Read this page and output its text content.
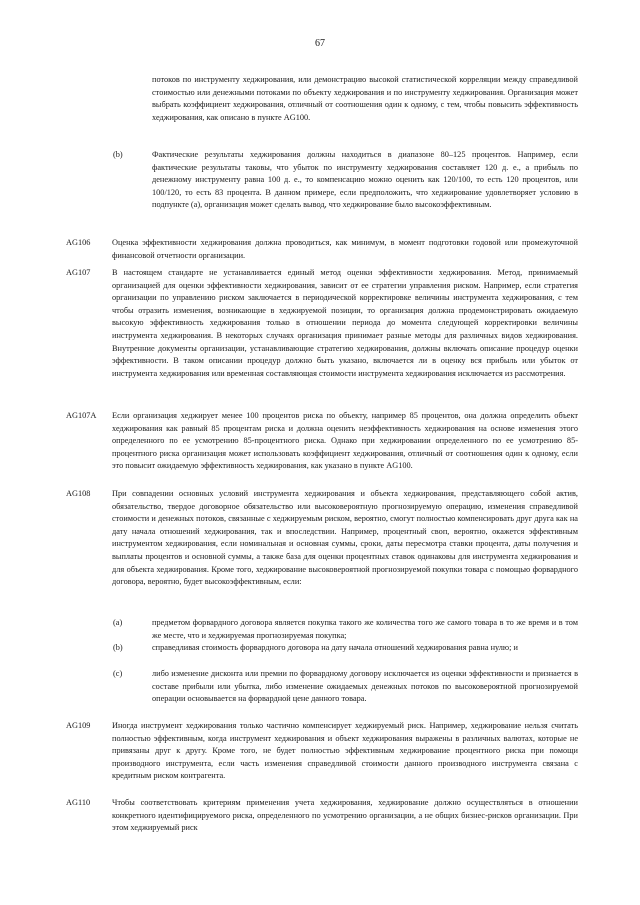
67
потоков по инструменту хеджирования, или демонстрацию высокой статистической корреляции между справедливой стоимостью или денежными потоками по объекту хеджирования и по инструменту хеджирования. Организация может выбрать коэффициент хеджирования, отличный от соотношения один к одному, с тем, чтобы повысить эффективность хеджирования, как описано в пункте AG100.
(b)	Фактические результаты хеджирования должны находиться в диапазоне 80–125 процентов. Например, если фактические результаты таковы, что убыток по инструменту хеджирования составляет 120 д. е., а прибыль по денежному инструменту равна 100 д. е., то компенсацию можно оценить как 120/100, то есть 120 процентов, или 100/120, то есть 83 процента. В данном примере, если предположить, что хеджирование удовлетворяет условию в подпункте (а), организация может сделать вывод, что хеджирование было высокоэффективным.
AG106	Оценка эффективности хеджирования должна проводиться, как минимум, в момент подготовки годовой или промежуточной финансовой отчетности организации.
AG107	В настоящем стандарте не устанавливается единый метод оценки эффективности хеджирования. Метод, принимаемый организацией для оценки эффективности хеджирования, зависит от ее стратегии управления риском. Например, если стратегия организации по управлению риском заключается в периодической корректировке величины инструмента хеджирования, с тем чтобы отразить изменения, возникающие в хеджируемой позиции, то организация должна продемонстрировать ожидаемую высокую эффективность хеджирования только в отношении периода до момента следующей корректировки величины инструмента хеджирования. В некоторых случаях организация принимает разные методы для различных видов хеджирования. Внутренние документы организации, устанавливающие стратегию хеджирования, должны включать описание процедур оценки эффективности. В таком описании процедур должно быть указано, включается ли в оценку вся прибыль или убыток от инструмента хеджирования или временная составляющая стоимости инструмента хеджирования исключается из рассмотрения.
AG107A Если организация хеджирует менее 100 процентов риска по объекту, например 85 процентов, она должна определить объект хеджирования как равный 85 процентам риска и должна оценить неэффективность хеджирования на основе изменения этого определенного по ее усмотрению 85-процентного риска. Однако при хеджировании определенного по ее усмотрению 85-процентного риска организация может использовать коэффициент хеджирования, отличный от соотношения один к одному, если это повысит ожидаемую эффективность хеджирования, как указано в пункте AG100.
AG108	При совпадении основных условий инструмента хеджирования и объекта хеджирования, представляющего собой актив, обязательство, твердое договорное обязательство или высоковероятную прогнозируемую операцию, изменения справедливой стоимости и денежных потоков, связанные с хеджируемым риском, вероятно, смогут полностью компенсировать друг друга как на дату начала отношений хеджирования, так и впоследствии. Например, процентный своп, вероятно, окажется эффективным инструментом хеджирования, если номинальная и основная суммы, сроки, даты пересмотра ставки процента, даты получения и выплаты процентов и основной суммы, а также база для оценки процентных ставок одинаковы для инструмента хеджирования и для объекта хеджирования. Кроме того, хеджирование высоковероятной прогнозируемой покупки товара с помощью форвардного договора, вероятно, будет высокоэффективным, если:
(a)	предметом форвардного договора является покупка такого же количества того же самого товара в то же время и в том же месте, что и хеджируемая прогнозируемая покупка;
(b)	справедливая стоимость форвардного договора на дату начала отношений хеджирования равна нулю; и
(c)	либо изменение дисконта или премии по форвардному договору исключается из оценки эффективности и признается в составе прибыли или убытка, либо изменение ожидаемых денежных потоков по высоковероятной прогнозируемой операции основывается на форвардной цене данного товара.
AG109	Иногда инструмент хеджирования только частично компенсирует хеджируемый риск. Например, хеджирование нельзя считать полностью эффективным, когда инструмент хеджирования и объект хеджирования выражены в различных валютах, которые не привязаны друг к другу. Кроме того, не будет полностью эффективным хеджирование процентного риска при помощи производного инструмента, если часть изменения справедливой стоимости данного производного инструмента связана с кредитным риском контрагента.
AG110	Чтобы соответствовать критериям применения учета хеджирования, хеджирование должно осуществляться в отношении конкретного идентифицируемого риска, определенного по усмотрению организации, а не общих бизнес-рисков организации. При этом хеджируемый риск
